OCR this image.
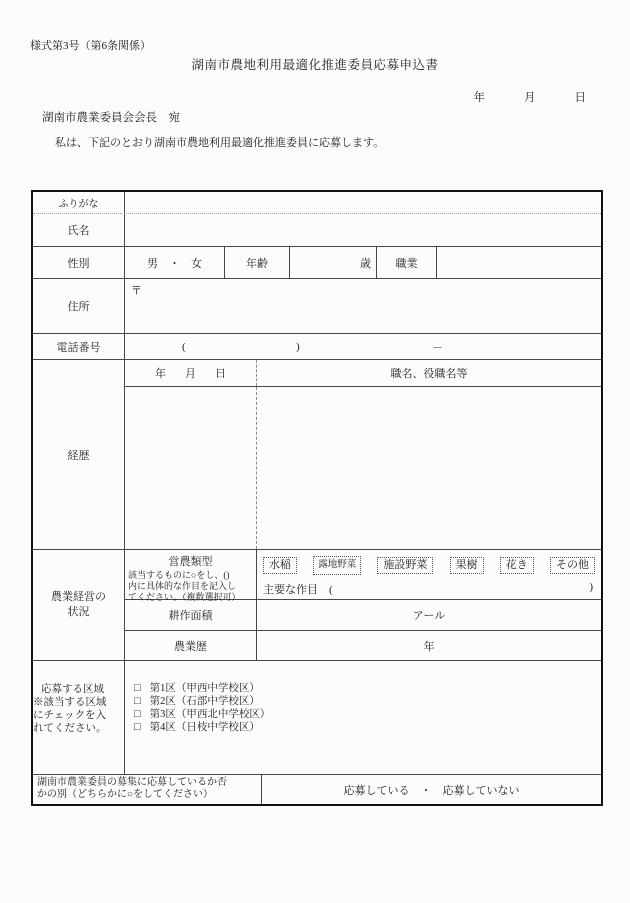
様式第3号（第6条関係）
湖南市農地利用最適化推進委員応募申込書
年	月	日
湖南市農業委員会会長　宛
私は、下記のとおり湖南市農地利用最適化推進委員に応募します。
ふりがな
氏名
性別	男　・　女	年齢	歳	職業
住所
〒
電話番号	(	)	－
経歴
年 月 日	職名、役職名等
農業経営の
状況
営農類型
該当するものに○をし、()
内に具体的な作目を記入し
てください。（複数選択可）
水稲	露地野菜	施設野菜	果樹	花き	その他
主要な作目　(	)
耕作面積	アール
農業歴	年
応募する区域
※該当する区域
にチェックを入
れてください。
□ 第1区（甲西中学校区）
□ 第2区（石部中学校区）
□ 第3区（甲西北中学校区）
□ 第4区（日枝中学校区）
湖南市農業委員の募集に応募しているか否
かの別（どちらかに○をしてください）	応募している　・　応募していない
